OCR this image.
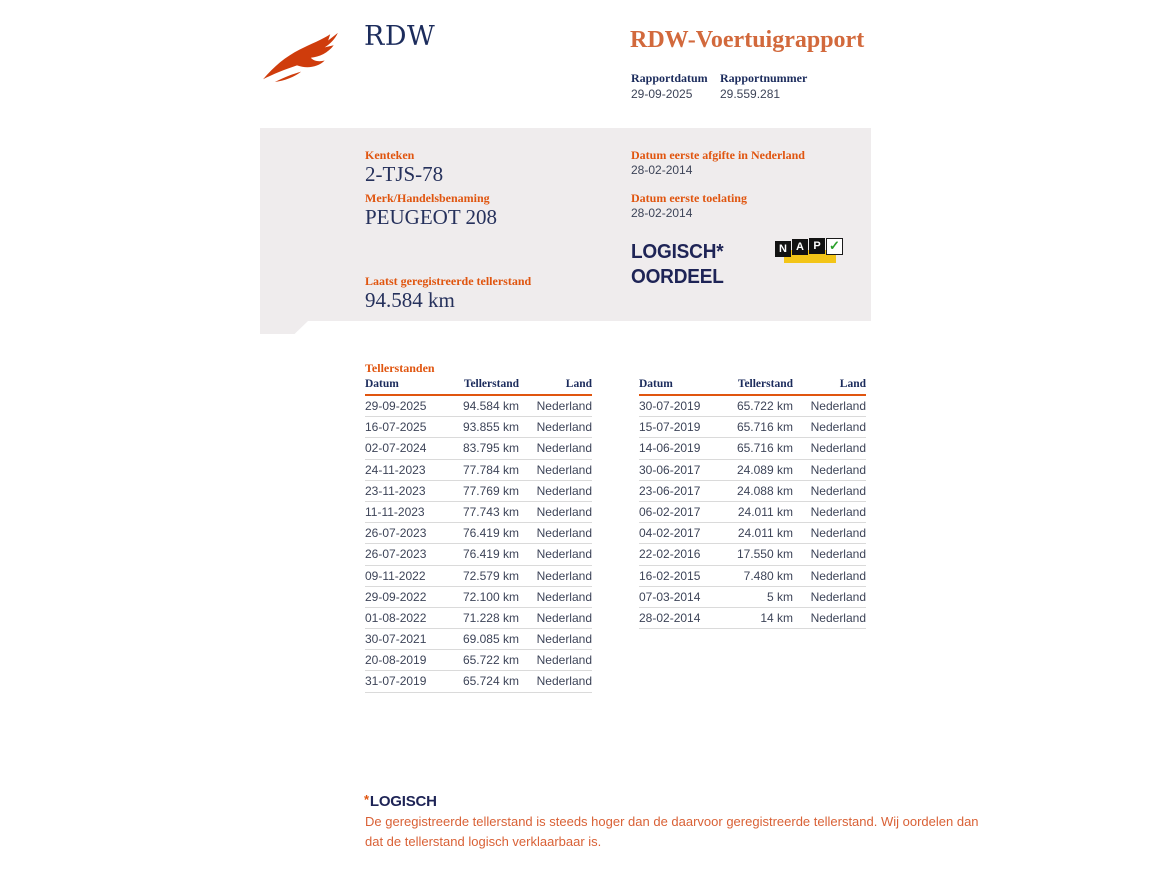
RDW	RDW-Voertuigrapport
Rapportdatum Rapportnummer
29-09-2025 29.559.281
Kenteken
2-TJS-78
Merk/Handelsbenaming
PEUGEOT 208
Laatst geregistreerde tellerstand
94.584 km
Datum eerste afgifte in Nederland
28-02-2014
Datum eerste toelating
28-02-2014
LOGISCH*
OORDEEL
N A P ✓
Tellerstanden
Datum	Tellerstand	Land
29-09-2025	94.584 km	Nederland
16-07-2025	93.855 km	Nederland
02-07-2024	83.795 km	Nederland
24-11-2023	77.784 km	Nederland
23-11-2023	77.769 km	Nederland
11-11-2023	77.743 km	Nederland
26-07-2023	76.419 km	Nederland
26-07-2023	76.419 km	Nederland
09-11-2022	72.579 km	Nederland
29-09-2022	72.100 km	Nederland
01-08-2022	71.228 km	Nederland
30-07-2021	69.085 km	Nederland
20-08-2019	65.722 km	Nederland
31-07-2019	65.724 km	Nederland
Datum	Tellerstand	Land
30-07-2019	65.722 km	Nederland
15-07-2019	65.716 km	Nederland
14-06-2019	65.716 km	Nederland
30-06-2017	24.089 km	Nederland
23-06-2017	24.088 km	Nederland
06-02-2017	24.011 km	Nederland
04-02-2017	24.011 km	Nederland
22-02-2016	17.550 km	Nederland
16-02-2015	7.480 km	Nederland
07-03-2014	5 km	Nederland
28-02-2014	14 km	Nederland
*LOGISCH
De geregistreerde tellerstand is steeds hoger dan de daarvoor geregistreerde tellerstand. Wij oordelen dan
dat de tellerstand logisch verklaarbaar is.
